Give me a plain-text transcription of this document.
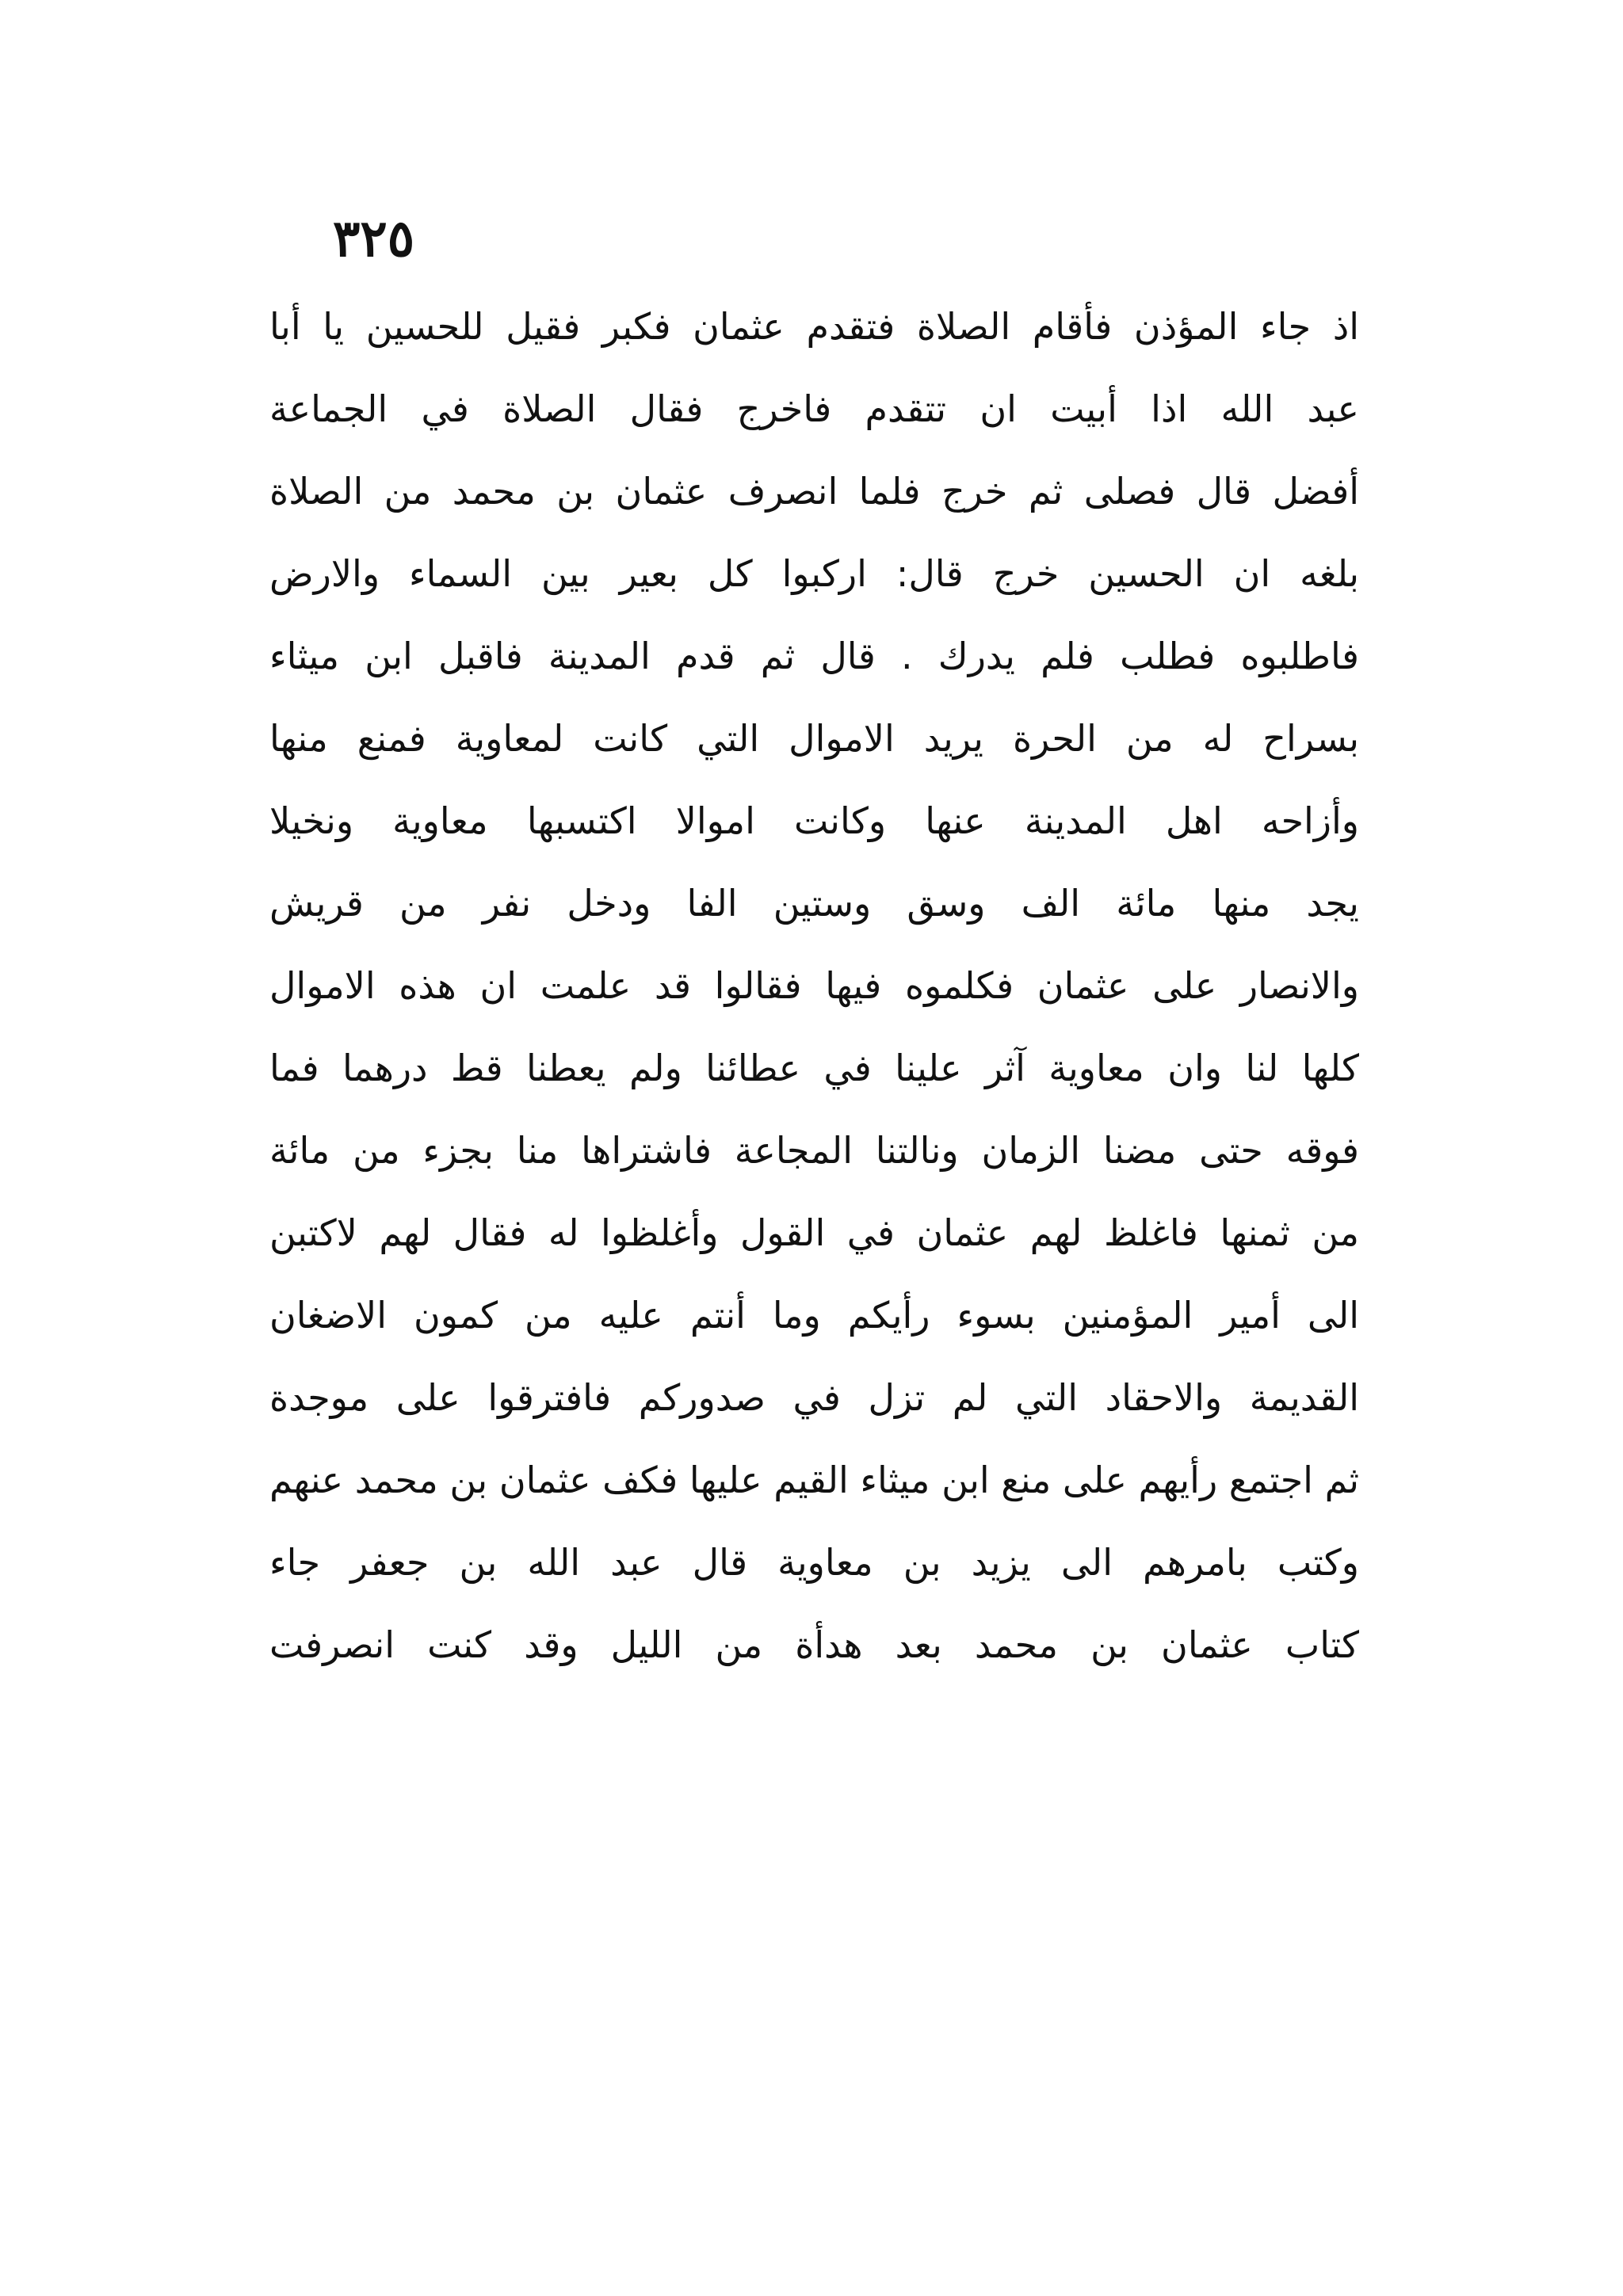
٣٢٥
اذ جاء المؤذن فأقام الصلاة فتقدم عثمان فكبر فقيل للحسين يا أبا
عبد الله اذا أبيت ان تتقدم فاخرج فقال الصلاة في الجماعة
أفضل قال فصلى ثم خرج فلما انصرف عثمان بن محمد من الصلاة
بلغه ان الحسين خرج قال: اركبوا كل بعير بين السماء والارض
فاطلبوه فطلب فلم يدرك . قال ثم قدم المدينة فاقبل ابن ميثاء
بسراح له من الحرة يريد الاموال التي كانت لمعاوية فمنع منها
وأزاحه اهل المدينة عنها وكانت اموالا اكتسبها معاوية ونخيلا
يجد منها مائة الف وسق وستين الفا ودخل نفر من قريش
والانصار على عثمان فكلموه فيها فقالوا قد علمت ان هذه الاموال
كلها لنا وان معاوية آثر علينا في عطائنا ولم يعطنا قط درهما فما
فوقه حتى مضنا الزمان ونالتنا المجاعة فاشتراها منا بجزء من مائة
من ثمنها فاغلظ لهم عثمان في القول وأغلظوا له فقال لهم لاكتبن
الى أمير المؤمنين بسوء رأيكم وما أنتم عليه من كمون الاضغان
القديمة والاحقاد التي لم تزل في صدوركم فافترقوا على موجدة
ثم اجتمع رأيهم على منع ابن ميثاء القيم عليها فكف عثمان بن محمد عنهم
وكتب بامرهم الى يزيد بن معاوية قال عبد الله بن جعفر جاء
كتاب عثمان بن محمد بعد هدأة من الليل وقد كنت انصرفت
